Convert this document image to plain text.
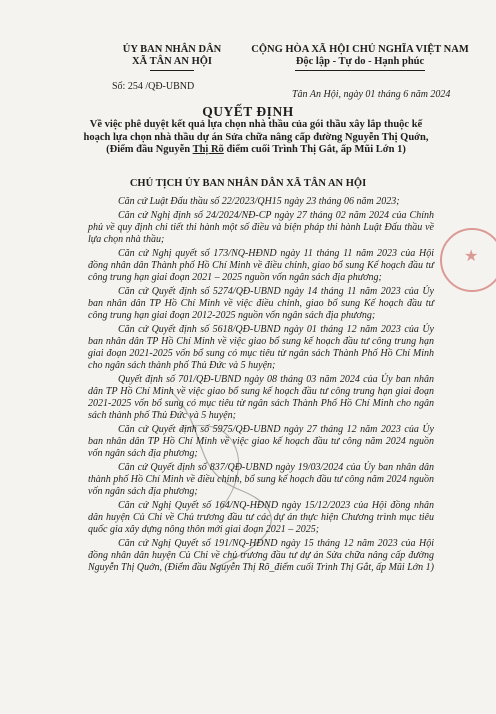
ỦY BAN NHÂN DÂN
XÃ TÂN AN HỘI
CỘNG HÒA XÃ HỘI CHỦ NGHĨA VIỆT NAM
Độc lập - Tự do - Hạnh phúc
Số: 254 /QĐ-UBND
Tân An Hội, ngày 01 tháng 6 năm 2024
QUYẾT ĐỊNH
Về việc phê duyệt kết quả lựa chọn nhà thầu của gói thầu xây lắp thuộc kế hoạch lựa chọn nhà thầu dự án Sửa chữa nâng cấp đường Nguyễn Thị Quớn, (Điểm đầu Nguyễn Thị Rõ điểm cuối Trình Thị Gắt, ấp Mũi Lớn 1)
CHỦ TỊCH ỦY BAN NHÂN DÂN XÃ TÂN AN HỘI

Căn cứ Luật Đấu thầu số 22/2023/QH15 ngày 23 tháng 06 năm 2023;

Căn cứ Nghị định số 24/2024/NĐ-CP ngày 27 tháng 02 năm 2024 của Chính phủ về quy định chi tiết thi hành một số điều và biện pháp thi hành Luật Đấu thầu về lựa chọn nhà thầu;

Căn cứ Nghị quyết số 173/NQ-HĐND ngày 11 tháng 11 năm 2023 của Hội đồng nhân dân Thành phố Hồ Chí Minh về điều chỉnh, giao bổ sung Kế hoạch đầu tư công trung hạn giai đoạn 2021 – 2025 nguồn vốn ngân sách địa phương;

Căn cứ Quyết định số 5274/QĐ-UBND ngày 14 tháng 11 năm 2023 của Ủy ban nhân dân TP Hồ Chí Minh về việc điều chỉnh, giao bổ sung Kế hoạch đầu tư công trung hạn giai đoạn 2012-2025 nguồn vốn ngân sách địa phương;

Căn cứ Quyết định số 5618/QĐ-UBND ngày 01 tháng 12 năm 2023 của Ủy ban nhân dân TP Hồ Chí Minh về việc giao bổ sung kế hoạch đầu tư công trung hạn giai đoạn 2021-2025 vốn bổ sung có mục tiêu từ ngân sách Thành Phố Hồ Chí Minh cho ngân sách thành phố Thủ Đức và 5 huyện;

Quyết định số 701/QĐ-UBND ngày 08 tháng 03 năm 2024 của Ủy ban nhân dân TP Hồ Chí Minh về việc giao bổ sung kế hoạch đầu tư công trung hạn giai đoạn 2021-2025 vốn bổ sung có mục tiêu từ ngân sách Thành Phố Hồ Chí Minh cho ngân sách thành phố Thủ Đức và 5 huyện;

Căn cứ Quyết định số 5975/QĐ-UBND ngày 27 tháng 12 năm 2023 của Ủy ban nhân dân TP Hồ Chí Minh về việc giao kế hoạch đầu tư công năm 2024 nguồn vốn ngân sách địa phương;

Căn cứ Quyết định số 837/QĐ-UBND ngày 19/03/2024 của Ủy ban nhân dân thành phố Hồ Chí Minh về điều chỉnh, bổ sung kế hoạch đầu tư công năm 2024 nguồn vốn ngân sách địa phương;

Căn cứ Nghị Quyết số 164/NQ-HĐND ngày 15/12/2023 của Hội đồng nhân dân huyện Củ Chi về Chủ trương đầu tư các dự án thực hiện Chương trình mục tiêu quốc gia xây dựng nông thôn mới giai đoạn 2021 – 2025;

Căn cứ Nghị Quyết số 191/NQ-HĐND ngày 15 tháng 12 năm 2023 của Hội đồng nhân dân huyện Củ Chi về chủ trương đầu tư dự án Sửa chữa nâng cấp đường Nguyễn Thị Quớn, (Điểm đầu Nguyễn Thị Rõ_điểm cuối Trình Thị Gắt, ấp Mũi Lớn 1)

★
